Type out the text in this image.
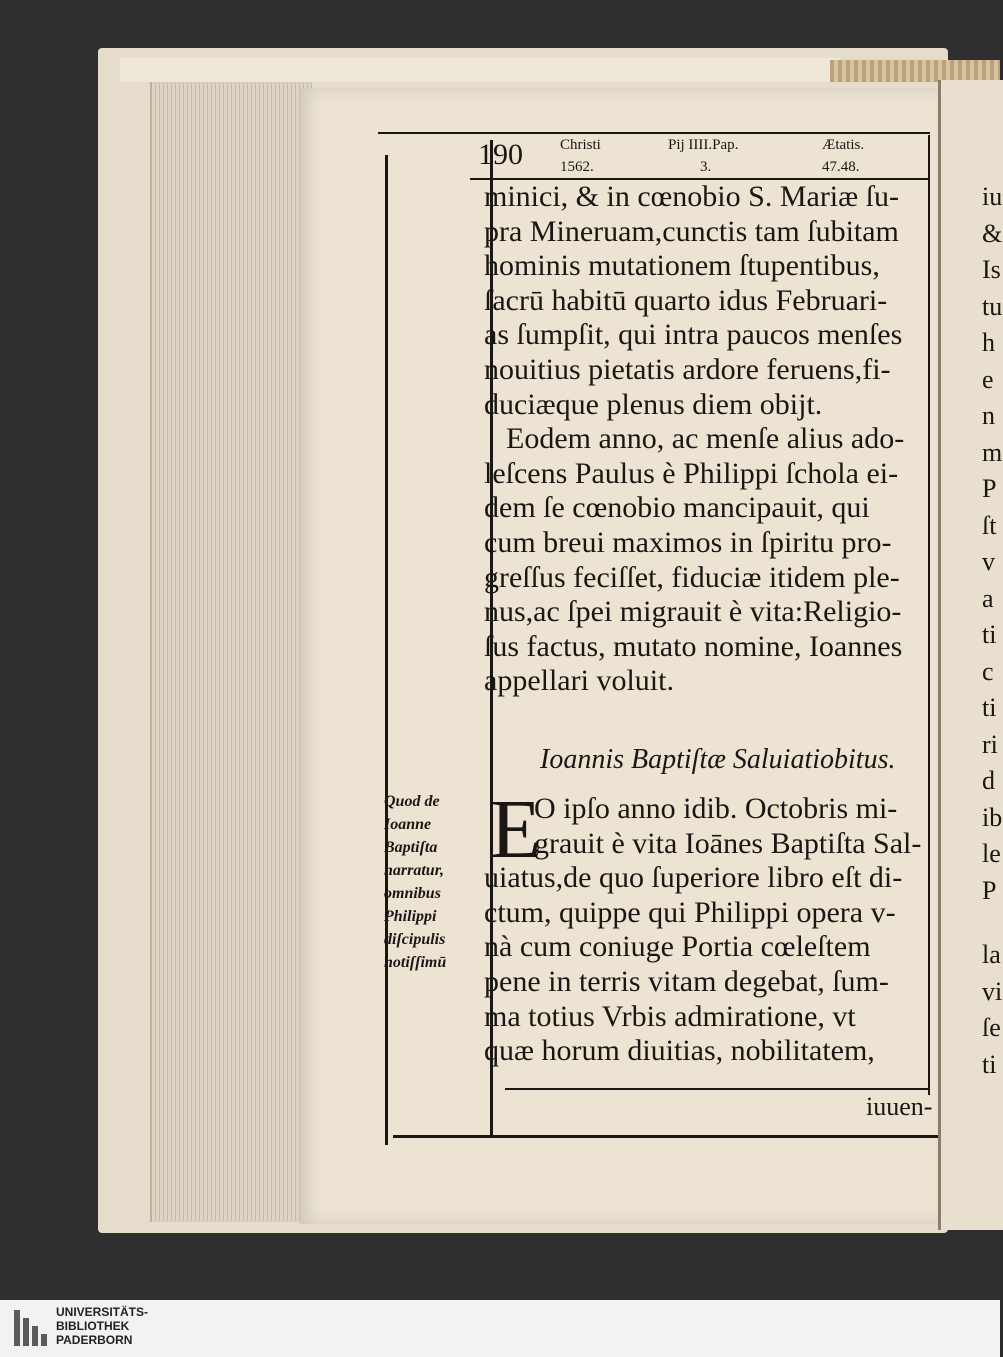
190 Christi
1562.
Pij IIII.Pap.
3.
Ætatis.
47.48.
minici, & in cœnobio S. Mariæ ſu-
pra Mineruam,cunctis tam ſubitam
hominis mutationem ſtupentibus,
ſacrū habitū quarto idus Februari-
as ſumpſit, qui intra paucos menſes
nouitius pietatis ardore feruens,fi-
duciæque plenus diem obijt.
Eodem anno, ac menſe alius ado-
leſcens Paulus è Philippi ſchola ei-
dem ſe cœnobio mancipauit, qui
cum breui maximos in ſpiritu pro-
greſſus feciſſet, fiduciæ itidem ple-
nus,ac ſpei migrauit è vita:Religio-
ſus factus, mutato nomine, Ioannes
appellari voluit.
Ioannis Baptiſtæ Saluiatiobitus.
E
O ipſo anno idib. Octobris mi-
grauit è vita Ioānes Baptiſta Sal-
uiatus,de quo ſuperiore libro eſt di-
ctum, quippe qui Philippi opera v-
nà cum coniuge Portia cœleſtem
pene in terris vitam degebat, ſum-
ma totius Vrbis admiratione, vt
quæ horum diuitias, nobilitatem,
iuuen-
Quod de
Ioanne
Baptiſta
narratur,
omnibus
Philippi
diſcipulis
notiſſimū
iu
&
Is
tu
h
e
n
m
P
ſt
v
a
ti
c
ti
ri
d
ib
le
P
la
vi
ſe
ti
UNIVERSITÄTS-
BIBLIOTHEK
PADERBORN
